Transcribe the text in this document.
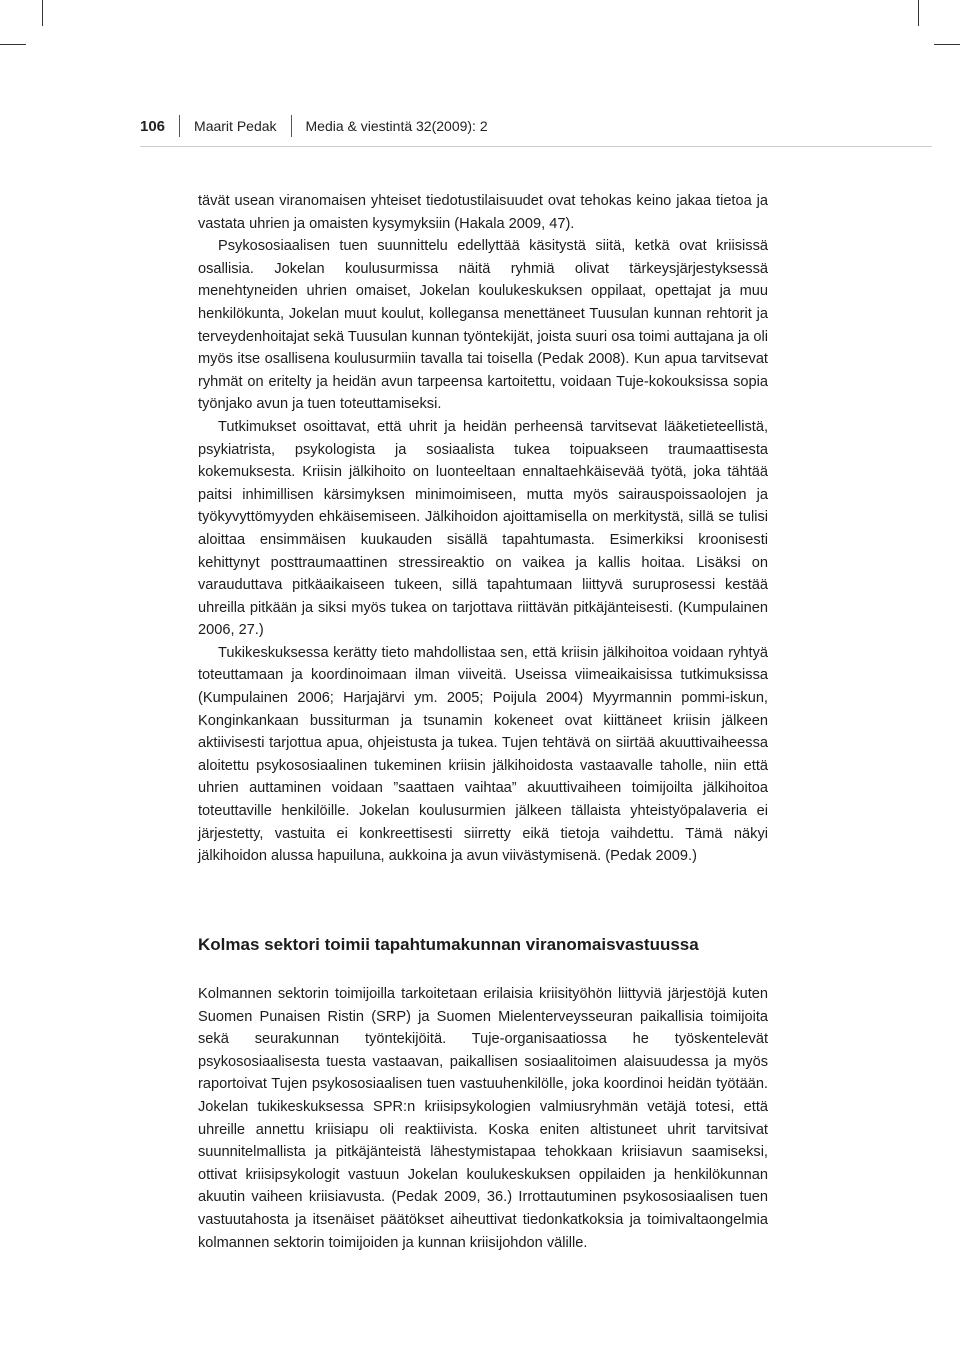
106	Maarit Pedak	Media & viestintä 32(2009): 2

tävät usean viranomaisen yhteiset tiedotustilaisuudet ovat tehokas keino jakaa tietoa ja vastata uhrien ja omaisten kysymyksiin (Hakala 2009, 47).

Psykososiaalisen tuen suunnittelu edellyttää käsitystä siitä, ketkä ovat kriisissä osallisia. Jokelan koulusurmissa näitä ryhmiä olivat tärkeysjärjestyksessä menehtyneiden uhrien omaiset, Jokelan koulukeskuksen oppilaat, opettajat ja muu henkilökunta, Jokelan muut koulut, kollegansa menettäneet Tuusulan kunnan rehtorit ja terveydenhoitajat sekä Tuusulan kunnan työntekijät, joista suuri osa toimi auttajana ja oli myös itse osallisena koulusurmiin tavalla tai toisella (Pedak 2008). Kun apua tarvitsevat ryhmät on eritelty ja heidän avun tarpeensa kartoitettu, voidaan Tuje-kokouksissa sopia työnjako avun ja tuen toteuttamiseksi.

Tutkimukset osoittavat, että uhrit ja heidän perheensä tarvitsevat lääketieteellistä, psykiatrista, psykologista ja sosiaalista tukea toipuakseen traumaattisesta kokemuksesta. Kriisin jälkihoito on luonteeltaan ennaltaehkäisevää työtä, joka tähtää paitsi inhimillisen kärsimyksen minimoimiseen, mutta myös sairauspoissaolojen ja työkyvyttömyyden ehkäisemiseen. Jälkihoidon ajoittamisella on merkitystä, sillä se tulisi aloittaa ensimmäisen kuukauden sisällä tapahtumasta. Esimerkiksi kroonisesti kehittynyt posttraumaattinen stressireaktio on vaikea ja kallis hoitaa. Lisäksi on varauduttava pitkäaikaiseen tukeen, sillä tapahtumaan liittyvä suruprosessi kestää uhreilla pitkään ja siksi myös tukea on tarjottava riittävän pitkäjänteisesti. (Kumpulainen 2006, 27.)

Tukikeskuksessa kerätty tieto mahdollistaa sen, että kriisin jälkihoitoa voidaan ryhtyä toteuttamaan ja koordinoimaan ilman viiveitä. Useissa viimeaikaisissa tutkimuksissa (Kumpulainen 2006; Harjajärvi ym. 2005; Poijula 2004) Myyrmannin pommi-iskun, Konginkankaan bussiturman ja tsunamin kokeneet ovat kiittäneet kriisin jälkeen aktiivisesti tarjottua apua, ohjeistusta ja tukea. Tujen tehtävä on siirtää akuuttivaiheessa aloitettu psykososiaalinen tukeminen kriisin jälkihoidosta vastaavalle taholle, niin että uhrien auttaminen voidaan ”saattaen vaihtaa” akuuttivaiheen toimijoilta jälkihoitoa toteuttaville henkilöille. Jokelan koulusurmien jälkeen tällaista yhteistyöpalaveria ei järjestetty, vastuita ei konkreettisesti siirretty eikä tietoja vaihdettu. Tämä näkyi jälkihoidon alussa hapuiluna, aukkoina ja avun viivästymisenä. (Pedak 2009.)

Kolmas sektori toimii tapahtumakunnan viranomaisvastuussa

Kolmannen sektorin toimijoilla tarkoitetaan erilaisia kriisityöhön liittyviä järjestöjä kuten Suomen Punaisen Ristin (SRP) ja Suomen Mielenterveysseuran paikallisia toimijoita sekä seurakunnan työntekijöitä. Tuje-organisaatiossa he työskentelevät psykososiaalisesta tuesta vastaavan, paikallisen sosiaalitoimen alaisuudessa ja myös raportoivat Tujen psykososiaalisen tuen vastuuhenkilölle, joka koordinoi heidän työtään. Jokelan tukikeskuksessa SPR:n kriisipsykologien valmiusryhmän vetäjä totesi, että uhreille annettu kriisiapu oli reaktiivista. Koska eniten altistuneet uhrit tarvitsivat suunnitelmallista ja pitkäjänteistä lähestymistapaa tehokkaan kriisiavun saamiseksi, ottivat kriisipsykologit vastuun Jokelan koulukeskuksen oppilaiden ja henkilökunnan akuutin vaiheen kriisiavusta. (Pedak 2009, 36.) Irrottautuminen psykososiaalisen tuen vastuutahosta ja itsenäiset päätökset aiheuttivat tiedonkatkoksia ja toimivaltaongelmia kolmannen sektorin toimijoiden ja kunnan kriisijohdon välille.
